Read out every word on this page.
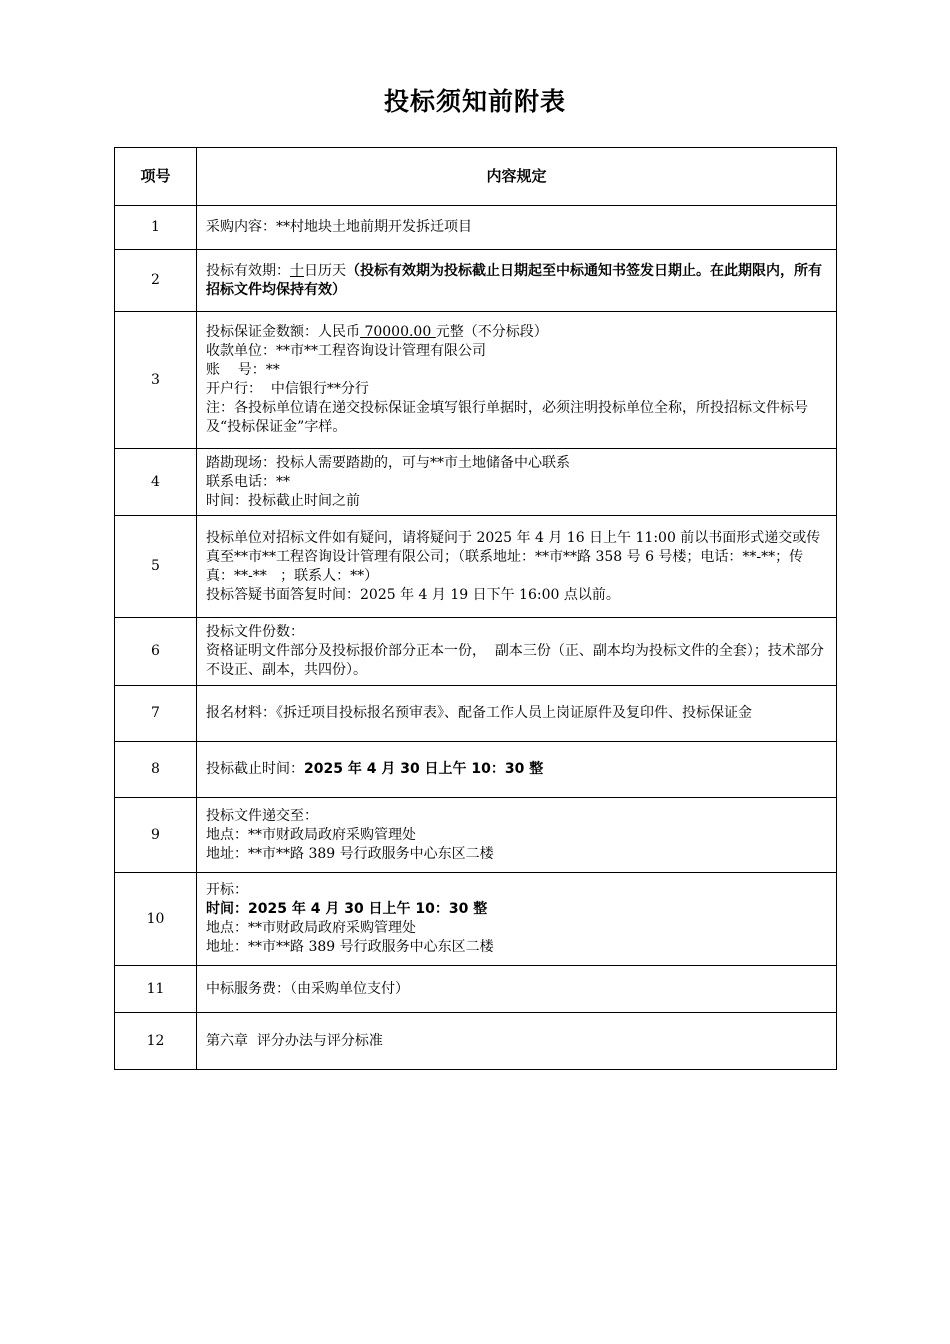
投标须知前附表
项号	内容规定
1	采购内容：**村地块土地前期开发拆迁项目

2	投标有效期：十日历天（投标有效期为投标截止日期起至中标通知书签发日期止。在此期限内，所有招标文件均保持有效）

3	投标保证金数额：人民币 70000.00 元整（不分标段）
收款单位：**市**工程咨询设计管理有限公司
账    号：**
开户行：  中信银行**分行
注：各投标单位请在递交投标保证金填写银行单据时，必须注明投标单位全称，所投招标文件标号及“投标保证金”字样。

4	踏勘现场：投标人需要踏勘的，可与**市土地储备中心联系
联系电话：**
时间：投标截止时间之前

5	投标单位对招标文件如有疑问，请将疑问于 2025 年 4 月 16 日上午 11:00 前以书面形式递交或传真至**市**工程咨询设计管理有限公司；（联系地址：**市**路 358 号 6 号楼；电话：**-**；传真：**-**   ；联系人：**）
投标答疑书面答复时间：2025 年 4 月 19 日下午 16:00 点以前。

6	投标文件份数：
资格证明文件部分及投标报价部分正本一份，  副本三份（正、副本均为投标文件的全套）；技术部分不设正、副本，共四份）。

7	报名材料：《拆迁项目投标报名预审表》、配备工作人员上岗证原件及复印件、投标保证金

8	投标截止时间：2025 年 4 月 30 日上午 10：30 整

9	投标文件递交至：
地点：**市财政局政府采购管理处
地址：**市**路 389 号行政服务中心东区二楼

10	开标：
时间：2025 年 4 月 30 日上午 10：30 整
地点：**市财政局政府采购管理处
地址：**市**路 389 号行政服务中心东区二楼

11	中标服务费：（由采购单位支付）

12	第六章  评分办法与评分标准
